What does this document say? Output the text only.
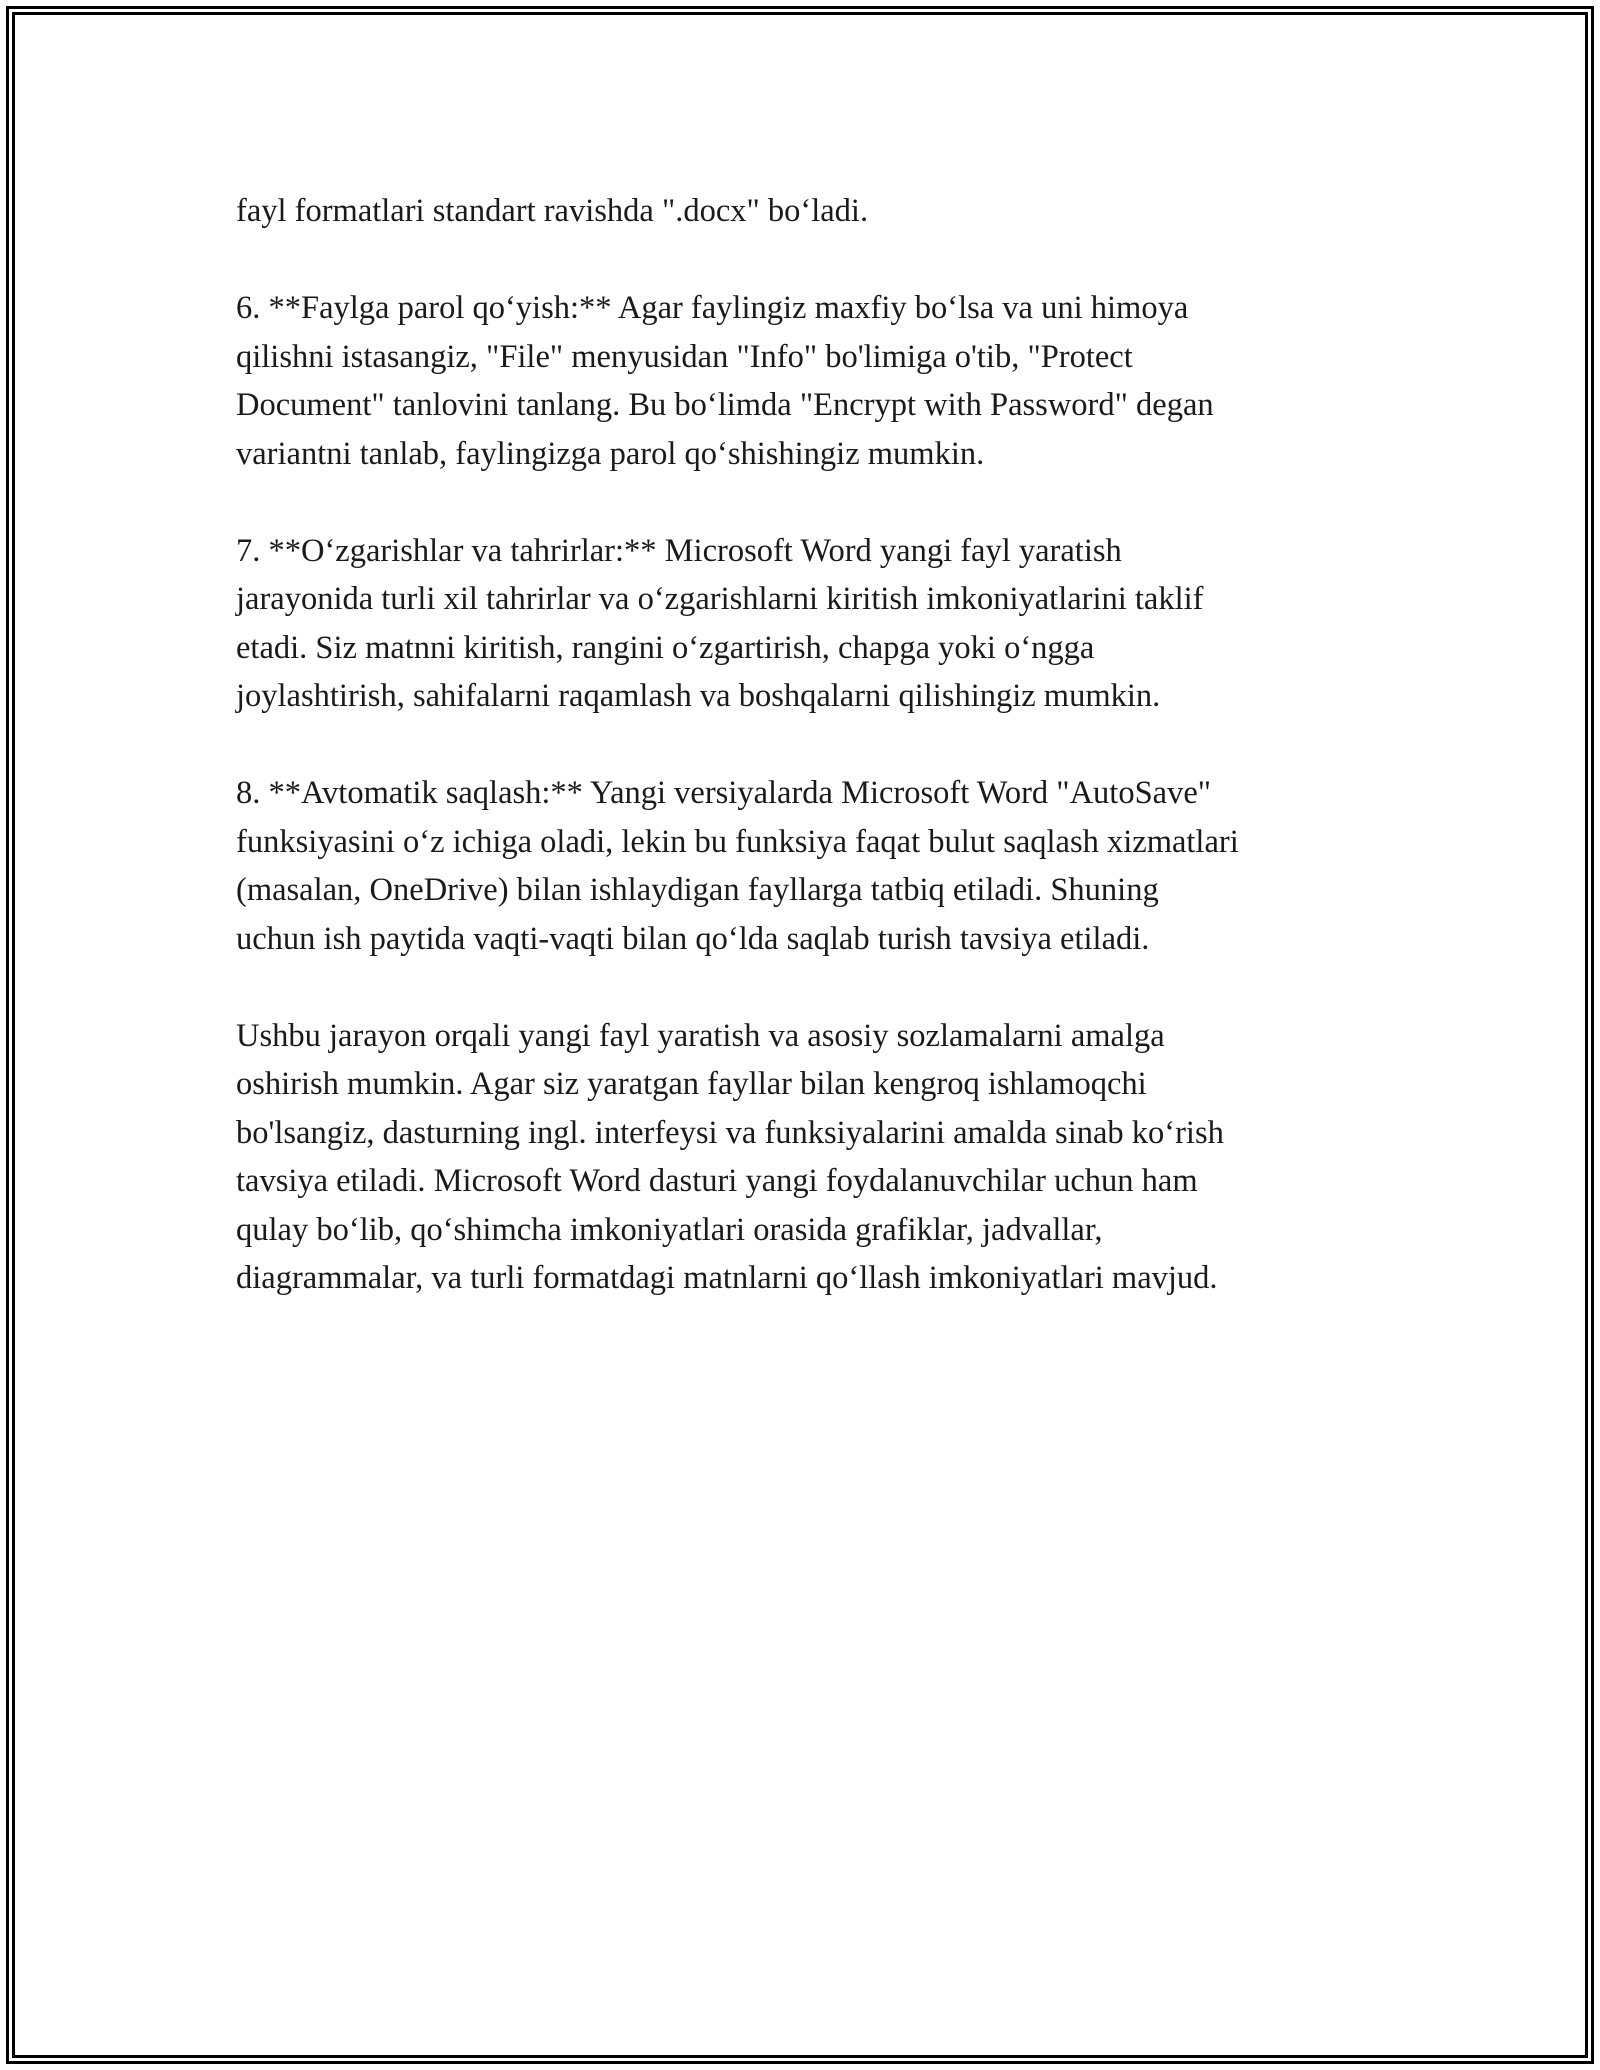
fayl formatlari standart ravishda ".docx" bo‘ladi.

6. **Faylga parol qo‘yish:** Agar faylingiz maxfiy bo‘lsa va uni himoya
qilishni istasangiz, "File" menyusidan "Info" bo'limiga o'tib, "Protect
Document" tanlovini tanlang. Bu bo‘limda "Encrypt with Password" degan
variantni tanlab, faylingizga parol qo‘shishingiz mumkin.

7. **O‘zgarishlar va tahrirlar:** Microsoft Word yangi fayl yaratish
jarayonida turli xil tahrirlar va o‘zgarishlarni kiritish imkoniyatlarini taklif
etadi. Siz matnni kiritish, rangini o‘zgartirish, chapga yoki o‘ngga
joylashtirish, sahifalarni raqamlash va boshqalarni qilishingiz mumkin.

8. **Avtomatik saqlash:** Yangi versiyalarda Microsoft Word "AutoSave"
funksiyasini o‘z ichiga oladi, lekin bu funksiya faqat bulut saqlash xizmatlari
(masalan, OneDrive) bilan ishlaydigan fayllarga tatbiq etiladi. Shuning
uchun ish paytida vaqti-vaqti bilan qo‘lda saqlab turish tavsiya etiladi.

Ushbu jarayon orqali yangi fayl yaratish va asosiy sozlamalarni amalga
oshirish mumkin. Agar siz yaratgan fayllar bilan kengroq ishlamoqchi
bo'lsangiz, dasturning ingl. interfeysi va funksiyalarini amalda sinab ko‘rish
tavsiya etiladi. Microsoft Word dasturi yangi foydalanuvchilar uchun ham
qulay bo‘lib, qo‘shimcha imkoniyatlari orasida grafiklar, jadvallar,
diagrammalar, va turli formatdagi matnlarni qo‘llash imkoniyatlari mavjud.
